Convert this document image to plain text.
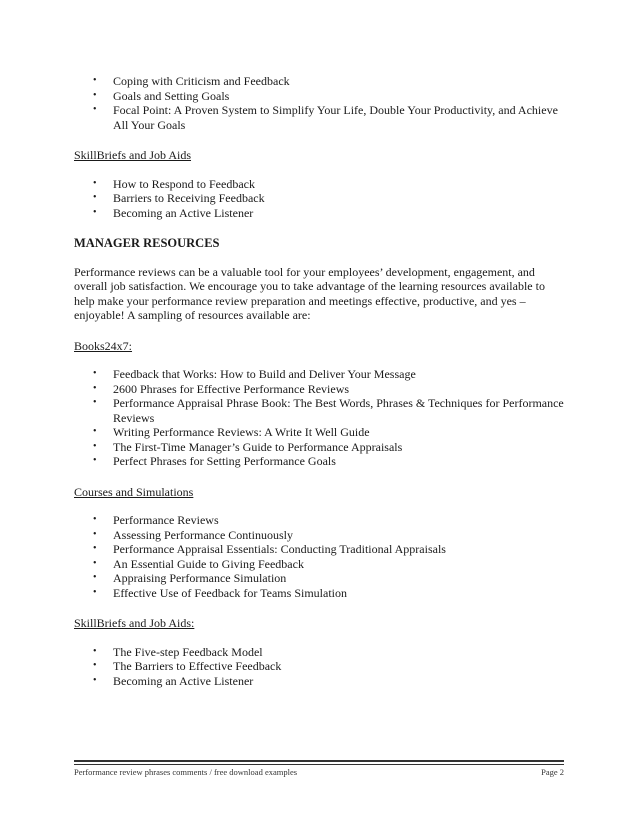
• Coping with Criticism and Feedback
• Goals and Setting Goals
• Focal Point: A Proven System to Simplify Your Life, Double Your Productivity, and Achieve All Your Goals

SkillBriefs and Job Aids

• How to Respond to Feedback
• Barriers to Receiving Feedback
• Becoming an Active Listener

MANAGER RESOURCES

Performance reviews can be a valuable tool for your employees’ development, engagement, and overall job satisfaction. We encourage you to take advantage of the learning resources available to help make your performance review preparation and meetings effective, productive, and yes – enjoyable! A sampling of resources available are:

Books24x7:

• Feedback that Works: How to Build and Deliver Your Message
• 2600 Phrases for Effective Performance Reviews
• Performance Appraisal Phrase Book: The Best Words, Phrases & Techniques for Performance Reviews
• Writing Performance Reviews: A Write It Well Guide
• The First-Time Manager’s Guide to Performance Appraisals
• Perfect Phrases for Setting Performance Goals

Courses and Simulations

• Performance Reviews
• Assessing Performance Continuously
• Performance Appraisal Essentials: Conducting Traditional Appraisals
• An Essential Guide to Giving Feedback
• Appraising Performance Simulation
• Effective Use of Feedback for Teams Simulation

SkillBriefs and Job Aids:

• The Five-step Feedback Model
• The Barriers to Effective Feedback
• Becoming an Active Listener
Performance review phrases comments / free download examples	Page 2
